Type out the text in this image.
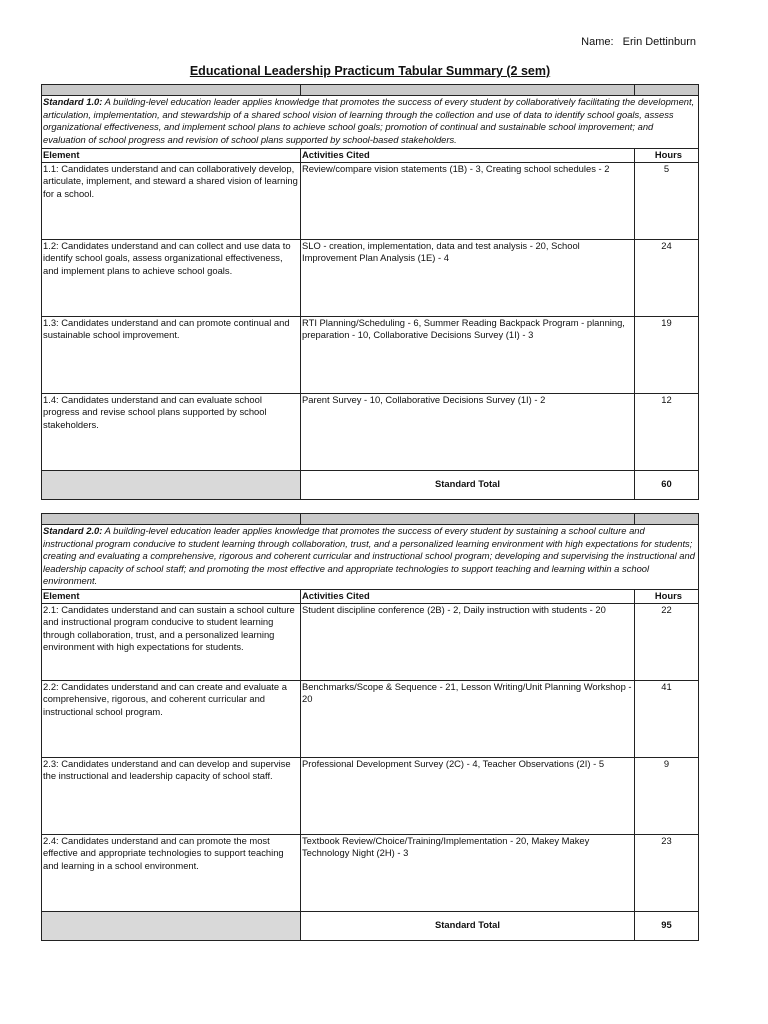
Name: Erin Dettinburn
Educational Leadership Practicum Tabular Summary (2 sem)

Standard 1.0: A building-level education leader applies knowledge that promotes the success of every student by collaboratively facilitating the development, articulation, implementation, and stewardship of a shared school vision of learning through the collection and use of data to identify school goals, assess organizational effectiveness, and implement school plans to achieve school goals; promotion of continual and sustainable school improvement; and evaluation of school progress and revision of school plans supported by school-based stakeholders.		
Element	Activities Cited	Hours
1.1: Candidates understand and can collaboratively develop, articulate, implement, and steward a shared vision of learning for a school.	Review/compare vision statements (1B) - 3, Creating school schedules - 2	5
1.2: Candidates understand and can collect and use data to identify school goals, assess organizational effectiveness, and implement plans to achieve school goals.	SLO - creation, implementation, data and test analysis - 20, School Improvement Plan Analysis (1E) - 4	24
1.3: Candidates understand and can promote continual and sustainable school improvement.	RTI Planning/Scheduling - 6, Summer Reading Backpack Program - planning, preparation - 10, Collaborative Decisions Survey (1I) - 3	19
1.4: Candidates understand and can evaluate school progress and revise school plans supported by school stakeholders.	Parent Survey - 10, Collaborative Decisions Survey (1I) - 2	12
	Standard Total	60

Standard 2.0: A building-level education leader applies knowledge that promotes the success of every student by sustaining a school culture and instructional program conducive to student learning through collaboration, trust, and a personalized learning environment with high expectations for students; creating and evaluating a comprehensive, rigorous and coherent curricular and instructional school program; developing and supervising the instructional and leadership capacity of school staff; and promoting the most effective and appropriate technologies to support teaching and learning within a school environment.		
Element	Activities Cited	Hours
2.1: Candidates understand and can sustain a school culture and instructional program conducive to student learning through collaboration, trust, and a personalized learning environment with high expectations for students.	Student discipline conference (2B) - 2, Daily instruction with students - 20	22
2.2: Candidates understand and can create and evaluate a comprehensive, rigorous, and coherent curricular and instructional school program.	Benchmarks/Scope & Sequence - 21, Lesson Writing/Unit Planning Workshop - 20	41
2.3: Candidates understand and can develop and supervise the instructional and leadership capacity of school staff.	Professional Development Survey (2C) - 4, Teacher Observations (2I) - 5	9
2.4: Candidates understand and can promote the most effective and appropriate technologies to support teaching and learning in a school environment.	Textbook Review/Choice/Training/Implementation - 20, Makey Makey Technology Night (2H) - 3	23
	Standard Total	95
